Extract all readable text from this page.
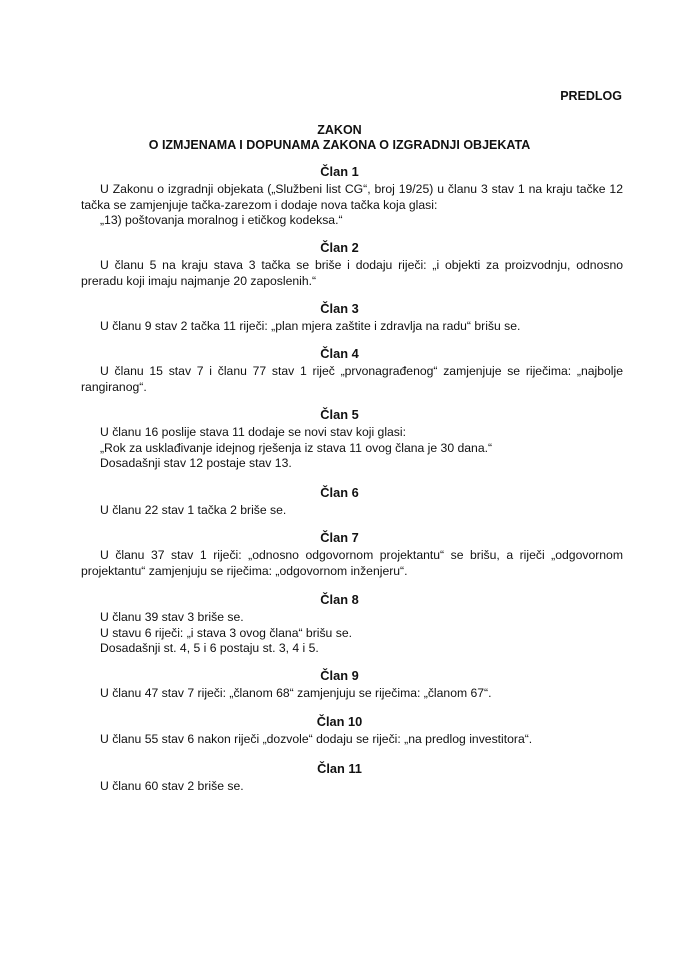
PREDLOG
ZAKON
O IZMJENAMA I DOPUNAMA ZAKONA O IZGRADNJI OBJEKATA
Član 1

U Zakonu o izgradnji objekata („Službeni list CG“, broj 19/25) u članu 3 stav 1 na kraju tačke 12 tačka se zamjenjuje tačka-zarezom i dodaje nova tačka koja glasi:

„13) poštovanja moralnog i etičkog kodeksa.“

Član 2

U članu 5 na kraju stava 3 tačka se briše i dodaju riječi: „i objekti za proizvodnju, odnosno preradu koji imaju najmanje 20 zaposlenih.“

Član 3

U članu 9 stav 2 tačka 11 riječi: „plan mjera zaštite i zdravlja na radu“ brišu se.

Član 4

U članu 15 stav 7 i članu 77 stav 1 riječ „prvonagrađenog“ zamjenjuje se riječima: „najbolje rangiranog“.

Član 5

U članu 16 poslije stava 11 dodaje se novi stav koji glasi:

„Rok za usklađivanje idejnog rješenja iz stava 11 ovog člana je 30 dana.“

Dosadašnji stav 12 postaje stav 13.

Član 6

U članu 22 stav 1 tačka 2 briše se.

Član 7

U članu 37 stav 1 riječi: „odnosno odgovornom projektantu“ se brišu, a riječi „odgovornom projektantu“ zamjenjuju se riječima: „odgovornom inženjeru“.

Član 8

U članu 39 stav 3 briše se.

U stavu 6 riječi: „i stava 3 ovog člana“ brišu se.

Dosadašnji st. 4, 5 i 6 postaju st. 3, 4 i 5.

Član 9

U članu 47 stav 7 riječi: „članom 68“ zamjenjuju se riječima: „članom 67“.

Član 10

U članu 55 stav 6 nakon riječi „dozvole“ dodaju se riječi: „na predlog investitora“.

Član 11

U članu 60 stav 2 briše se.
